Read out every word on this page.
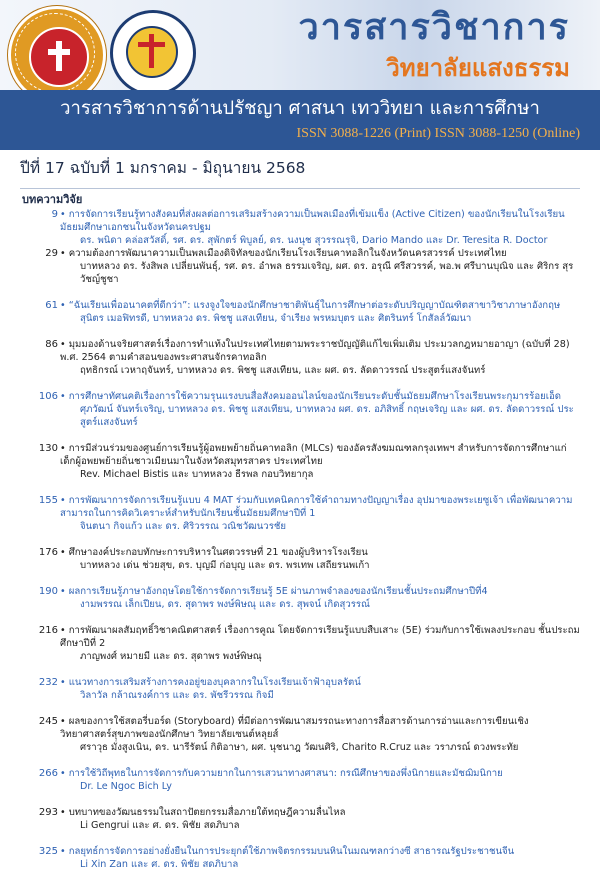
วารสารวิชาการ
วิทยาลัยแสงธรรม
วารสารวิชาการด้านปรัชญา ศาสนา เทววิทยา และการศึกษา
ISSN 3088-1226 (Print) ISSN 3088-1250 (Online)
ปีที่ 17 ฉบับที่ 1 มกราคม - มิถุนายน 2568
บทความวิจัย
9	• การจัดการเรียนรู้ทางสังคมที่ส่งผลต่อการเสริมสร้างความเป็นพลเมืองที่เข้มแข็ง (Active Citizen) ของนักเรียนในโรงเรียนมัธยมศึกษาเอกชนในจังหวัดนครปฐม
ดร. พนิดา คล่อสวัสดิ์, รศ. ดร. สุพักตร์ พิบูลย์, ดร. นงนุช สุวรรณรุจิ, Dario Mando และ Dr. Teresita R. Doctor
29	• ความต้องการพัฒนาความเป็นพลเมืองดิจิทัลของนักเรียนโรงเรียนคาทอลิกในจังหวัดนครสวรรค์ ประเทศไทย
บาทหลวง ดร. รังสิพล เปลี่ยนพันธุ์, รศ. ดร. อำพล ธรรมเจริญ, ผศ. ดร. อรุณี ศรีสวรรค์, พอ.พ ศรีบานบุณิจ และ ศิริกร สุรวัชญ์ชูชา
61	• “ฉันเรียนเพื่ออนาคตที่ดีกว่า”: แรงจูงใจของนักศึกษาชาติพันธุ์ในการศึกษาต่อระดับปริญญาบัณฑิตสาขาวิชาภาษาอังกฤษ
สุนิตร เมอฟิทรดี, บาทหลวง ดร. พิชชู แสงเทียน, จำเรียง พรหมบุตร และ ศิตรินทร์ โกสัลล์วัฒนา
86	• มุมมองด้านจริยศาสตร์เรื่องการทำแท้งในประเทศไทยตามพระราชบัญญัติแก้ไขเพิ่มเติม ประมวลกฎหมายอาญา (ฉบับที่ 28) พ.ศ. 2564 ตามคำสอนของพระศาสนจักรคาทอลิก
ฤทธิกรณ์ เวหาฤจันทร์, บาทหลวง ดร. พิชชู แสงเทียน, และ ผศ. ดร. ลัดดาวรรณ์ ประสูตร์แสงจันทร์
106	• การศึกษาทัศนคติเรื่องการใช้ความรุนแรงบนสื่อสังคมออนไลน์ของนักเรียนระดับชั้นมัธยมศึกษาโรงเรียนพระกุมารร้อยเอ็ด
ศุภวัฒน์ จันทร์เจริญ, บาทหลวง ดร. พิชชู แสงเทียน, บาทหลวง ผศ. ดร. อภิสิทธิ์ กฤษเจริญ และ ผศ. ดร. ลัดดาวรรณ์ ประสูตร์แสงจันทร์
130	• การมีส่วนร่วมของศูนย์การเรียนรู้ผู้อพยพย้ายถิ่นคาทอลิก (MLCs) ของอัครสังฆมณฑลกรุงเทพฯ สำหรับการจัดการศึกษาแก่เด็กผู้อพยพย้ายถิ่นชาวเมียนมาในจังหวัดสมุทรสาคร ประเทศไทย
Rev. Michael Bistis และ บาทหลวง ธีรพล กอบวิทยากุล
155	• การพัฒนาการจัดการเรียนรู้แบบ 4 MAT ร่วมกับเทคนิคการใช้คำถามทางปัญญาเรื่อง อุปมาของพระเยซูเจ้า เพื่อพัฒนาความสามารถในการคิดวิเคราะห์สำหรับนักเรียนชั้นมัธยมศึกษาปีที่ 1
จินตนา กิจแก้ว และ ดร. ศิริวรรณ วณิชวัฒนวรชัย
176	• ศึกษาองค์ประกอบทักษะการบริหารในศตวรรษที่ 21 ของผู้บริหารโรงเรียน
บาทหลวง เด่น ช่วยสุข, ดร. บุญมี ก่อบุญ และ ดร. พรเทพ เสถียรนพเก้า
190	• ผลการเรียนรู้ภาษาอังกฤษโดยใช้การจัดการเรียนรู้ 5E ผ่านภาพจำลองของนักเรียนชั้นประถมศึกษาปีที่4
งามพรรณ เล็กเปียน, ดร. สุดาพร พงษ์พิษณุ และ ดร. สุพจน์ เกิดสุวรรณ์
216	• การพัฒนาผลสัมฤทธิ์วิชาคณิตศาสตร์ เรื่องการคูณ โดยจัดการเรียนรู้แบบสืบเสาะ (5E) ร่วมกับการใช้เพลงประกอบ ชั้นประถมศึกษาปีที่ 2
ภาญพงศ์ หมายมี และ ดร. สุดาพร พงษ์พิษณุ
232	• แนวทางการเสริมสร้างการคงอยู่ของบุคลากรในโรงเรียนเจ้าฟ้าอุบลรัตน์
วิลาวัล กล้าณรงค์การ และ ดร. พัชรีวรรณ กิจมี
245	• ผลของการใช้สตอรี่บอร์ด (Storyboard) ที่มีต่อการพัฒนาสมรรถนะทางการสื่อสารด้านการอ่านและการเขียนเชิงวิทยาศาสตร์สุขภาพของนักศึกษา วิทยาลัยเซนต์หลุยส์
ศราวุธ มั่งสูงเนิน, ดร. นารีรัตน์ กิติอาษา, ผศ. นุชนาฎ วัฒนศิริ, Charito R.Cruz และ วราภรณ์ ดวงพระทัย
266	• การใช้วิถีพุทธในการจัดการกับความยากในการเสวนาทางศาสนา: กรณีศึกษาของพึ่งนิกายและมัชฌิมนิกาย
Dr. Le Ngoc Bich Ly
293	• บทบาทของวัฒนธรรมในสถาปัตยกรรมสื่อภายใต้ทฤษฎีความลื่นไหล
Li Gengrui และ ศ. ดร. พิชัย สดภิบาล
325	• กลยุทธ์การจัดการอย่างยั่งยืนในการประยุกต์ใช้ภาพจิตรกรรมบนหินในมณฑลกว่างซี สาธารณรัฐประชาชนจีน
Li Xin Zan และ ศ. ดร. พิชัย สดภิบาล
